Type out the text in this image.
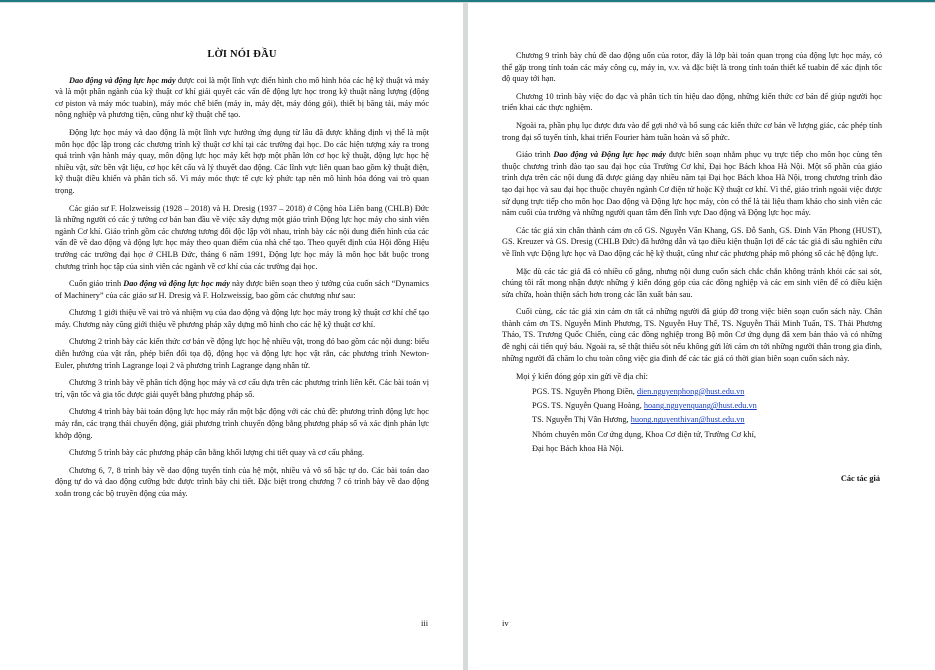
LỜI NÓI ĐẦU

Dao động và động lực học máy được coi là một lĩnh vực điển hình cho mô hình hóa các hệ kỹ thuật và máy và là một phân ngành của kỹ thuật cơ khí giải quyết các vấn đề động lực học trong kỹ thuật năng lượng (động cơ piston và máy móc tuabin), máy móc chế biến (máy in, máy dệt, máy đóng gói), thiết bị băng tải, máy móc nông nghiệp và phương tiện, cũng như kỹ thuật chế tạo.

Động lực học máy và dao động là một lĩnh vực hướng ứng dụng từ lâu đã được khẳng định vị thế là một môn học độc lập trong các chương trình kỹ thuật cơ khí tại các trường đại học. Do các hiện tượng xảy ra trong quá trình vận hành máy quay, môn động lực học máy kết hợp một phần lớn cơ học kỹ thuật, động lực học hệ nhiều vật, sức bền vật liệu, cơ học kết cấu và lý thuyết dao động. Các lĩnh vực liên quan bao gồm kỹ thuật điện, kỹ thuật điều khiển và phân tích số. Vì máy móc thực tế cực kỳ phức tạp nên mô hình hóa đóng vai trò quan trọng.

Các giáo sư F. Holzweissig (1928 – 2018) và H. Dresig (1937 – 2018) ở Cộng hòa Liên bang (CHLB) Đức là những người có các ý tưởng cơ bản ban đầu về việc xây dựng một giáo trình Động lực học máy cho sinh viên ngành Cơ khí. Giáo trình gồm các chương tương đối độc lập với nhau, trình bày các nội dung điển hình của các vấn đề về dao động và động lực học máy theo quan điểm của nhà chế tạo. Theo quyết định của Hội đồng Hiệu trưởng các trường đại học ở CHLB Đức, tháng 6 năm 1991, Động lực học máy là môn học bắt buộc trong chương trình học tập của sinh viên các ngành về cơ khí của các trường đại học.

Cuốn giáo trình Dao động và động lực học máy này được biên soạn theo ý tưởng của cuốn sách “Dynamics of Machinery” của các giáo sư H. Dresig và F. Holzweissig, bao gồm các chương như sau:

Chương 1 giới thiệu về vai trò và nhiệm vụ của dao động và động lực học máy trong kỹ thuật cơ khí chế tạo máy. Chương này cũng giới thiệu về phương pháp xây dựng mô hình cho các hệ kỹ thuật cơ khí.

Chương 2 trình bày các kiến thức cơ bản về động lực học hệ nhiều vật, trong đó bao gồm các nội dung: biểu diễn hướng của vật rắn, phép biến đổi tọa độ, động học và động lực học vật rắn, các phương trình Newton-Euler, phương trình Lagrange loại 2 và phương trình Lagrange dạng nhân tử.

Chương 3 trình bày về phân tích động học máy và cơ cấu dựa trên các phương trình liên kết. Các bài toán vị trí, vận tốc và gia tốc được giải quyết bằng phương pháp số.

Chương 4 trình bày bài toán động lực học máy rắn một bậc động với các chủ đề: phương trình động lực học máy rắn, các trạng thái chuyển động, giải phương trình chuyển động bằng phương pháp số và xác định phản lực khớp động.

Chương 5 trình bày các phương pháp cân bằng khối lượng chi tiết quay và cơ cấu phẳng.

Chương 6, 7, 8 trình bày về dao động tuyến tính của hệ một, nhiều và vô số bậc tự do. Các bài toán dao động tự do và dao động cưỡng bức được trình bày chi tiết. Đặc biệt trong chương 7 có trình bày về dao động xoắn trong các bộ truyền động của máy.

iii

Chương 9 trình bày chủ đề dao động uốn của rotor, đây là lớp bài toán quan trọng của động lực học máy, có thể gặp trong tính toán các máy công cụ, máy in, v.v. và đặc biệt là trong tính toán thiết kế tuabin để xác định tốc độ quay tới hạn.

Chương 10 trình bày việc đo đạc và phân tích tín hiệu dao động, những kiến thức cơ bản để giúp người học triển khai các thực nghiệm.

Ngoài ra, phần phụ lục được đưa vào để gợi nhớ và bổ sung các kiến thức cơ bản về lượng giác, các phép tính trong đại số tuyến tính, khai triển Fourier hàm tuần hoàn và số phức.

Giáo trình Dao động và Động lực học máy được biên soạn nhằm phục vụ trực tiếp cho môn học cùng tên thuộc chương trình đào tạo sau đại học của Trường Cơ khí, Đại học Bách khoa Hà Nội. Một số phần của giáo trình dựa trên các nội dung đã được giảng dạy nhiều năm tại Đại học Bách khoa Hà Nội, trong chương trình đào tạo đại học và sau đại học thuộc chuyên ngành Cơ điện tử hoặc Kỹ thuật cơ khí. Vì thế, giáo trình ngoài việc được sử dụng trực tiếp cho môn học Dao động và Động lực học máy, còn có thể là tài liệu tham khảo cho sinh viên các năm cuối của trường và những người quan tâm đến lĩnh vực Dao động và Động lực học máy.

Các tác giả xin chân thành cảm ơn cố GS. Nguyễn Văn Khang, GS. Đỗ Sanh, GS. Đinh Văn Phong (HUST), GS. Kreuzer và GS. Dresig (CHLB Đức) đã hướng dẫn và tạo điều kiện thuận lợi để các tác giả đi sâu nghiên cứu về lĩnh vực Động lực học và Dao động các hệ kỹ thuật, cũng như các phương pháp mô phỏng số các hệ động lực.

Mặc dù các tác giả đã có nhiều cố gắng, nhưng nội dung cuốn sách chắc chắn không tránh khỏi các sai sót, chúng tôi rất mong nhận được những ý kiến đóng góp của các đồng nghiệp và các em sinh viên để có điều kiện sửa chữa, hoàn thiện sách hơn trong các lần xuất bản sau.

Cuối cùng, các tác giả xin cảm ơn tất cả những người đã giúp đỡ trong việc biên soạn cuốn sách này. Chân thành cảm ơn TS. Nguyễn Minh Phương, TS. Nguyễn Huy Thế, TS. Nguyễn Thái Minh Tuấn, TS. Thái Phương Thảo, TS. Trương Quốc Chiến, cùng các đồng nghiệp trong Bộ môn Cơ ứng dụng đã xem bản thảo và có những đề nghị cải tiến quý báu. Ngoài ra, sẽ thật thiếu sót nếu không gửi lời cảm ơn tới những người thân trong gia đình, những người đã chăm lo chu toàn công việc gia đình để các tác giả có thời gian biên soạn cuốn sách này.

Mọi ý kiến đóng góp xin gửi về địa chỉ:
PGS. TS. Nguyễn Phong Điền, dien.nguyenphong@hust.edu.vn
PGS. TS. Nguyễn Quang Hoàng, hoang.nguyenquang@hust.edu.vn
TS. Nguyễn Thị Vân Hương, huong.nguyenthivan@hust.edu.vn
Nhóm chuyên môn Cơ ứng dụng, Khoa Cơ điện tử, Trường Cơ khí,
Đại học Bách khoa Hà Nội.
Các tác giả
iv
